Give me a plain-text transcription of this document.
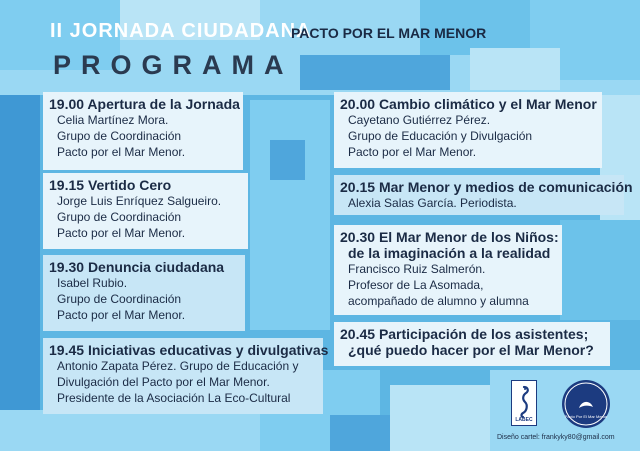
II JORNADA CIUDADANA
PACTO POR EL MAR MENOR
PROGRAMA
19.00 Apertura de la Jornada
Celia Martínez Mora.
Grupo de Coordinación
Pacto por el Mar Menor.
19.15 Vertido Cero
Jorge Luis Enríquez Salgueiro.
Grupo de Coordinación
Pacto por el Mar Menor.
19.30 Denuncia ciudadana
Isabel Rubio.
Grupo de Coordinación
Pacto por el Mar Menor.
19.45 Iniciativas educativas y divulgativas
Antonio Zapata Pérez. Grupo de Educación y
Divulgación del Pacto por el Mar Menor.
Presidente de la Asociación La Eco-Cultural
20.00 Cambio climático y el Mar Menor
Cayetano Gutiérrez Pérez.
Grupo de Educación y Divulgación
Pacto por el Mar Menor.
20.15 Mar Menor y medios de comunicación
Alexia Salas García. Periodista.
20.30 El Mar Menor de los Niños:
de la imaginación a la realidad
Francisco Ruiz Salmerón.
Profesor de La Asomada,
acompañado de alumno y alumna
20.45 Participación de los asistentes;
¿qué puedo hacer por el Mar Menor?
LABEC
Pacto Por El Mar Menor
Diseño cartel: frankyky80@gmail.com
